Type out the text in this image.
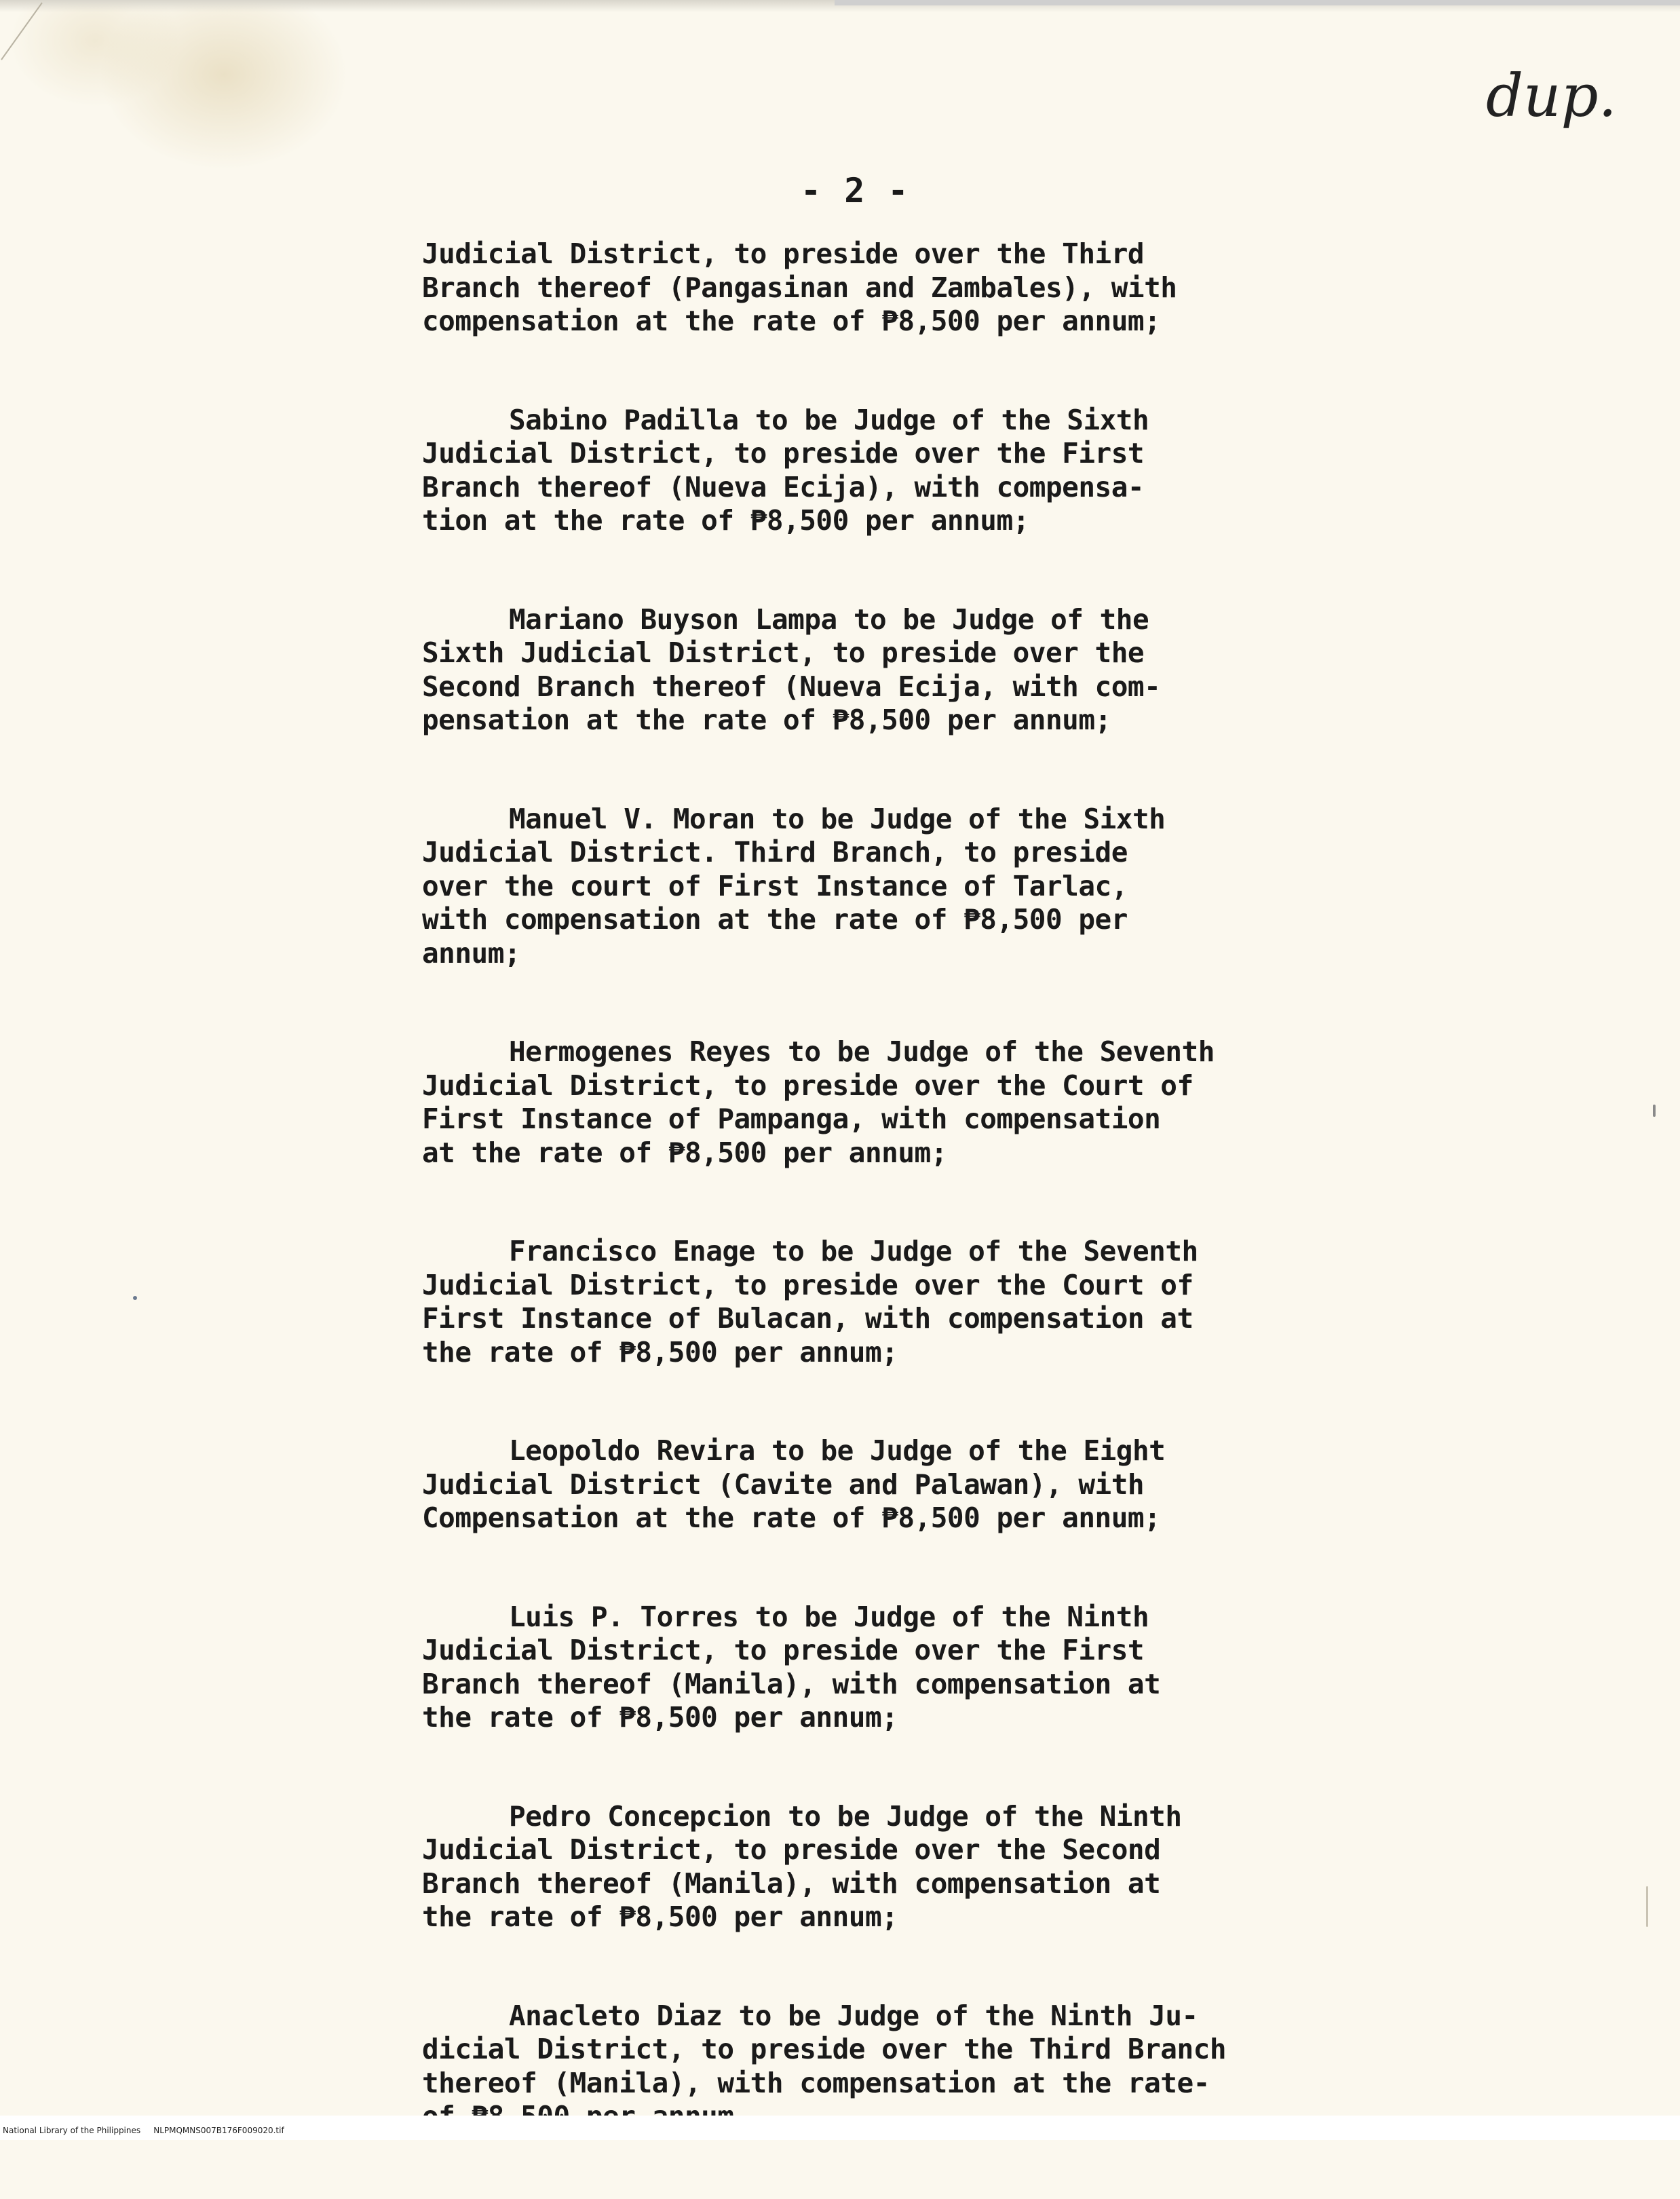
- 2 -
dup.
Judicial District, to preside over the Third
Branch thereof (Pangasinan and Zambales), with
compensation at the rate of ₱8,500 per annum;
Sabino Padilla to be Judge of the Sixth
Judicial District, to preside over the First
Branch thereof (Nueva Ecija), with compensa-
tion at the rate of ₱8,500 per annum;
Mariano Buyson Lampa to be Judge of the
Sixth Judicial District, to preside over the
Second Branch thereof (Nueva Ecija, with com-
pensation at the rate of ₱8,500 per annum;
Manuel V. Moran to be Judge of the Sixth
Judicial District. Third Branch, to preside
over the court of First Instance of Tarlac,
with compensation at the rate of ₱8,500 per
annum;
Hermogenes Reyes to be Judge of the Seventh
Judicial District, to preside over the Court of
First Instance of Pampanga, with compensation
at the rate of ₱8,500 per annum;
Francisco Enage to be Judge of the Seventh
Judicial District, to preside over the Court of
First Instance of Bulacan, with compensation at
the rate of ₱8,500 per annum;
Leopoldo Revira to be Judge of the Eight
Judicial District (Cavite and Palawan), with
Compensation at the rate of ₱8,500 per annum;
Luis P. Torres to be Judge of the Ninth
Judicial District, to preside over the First
Branch thereof (Manila), with compensation at
the rate of ₱8,500 per annum;
Pedro Concepcion to be Judge of the Ninth
Judicial District, to preside over the Second
Branch thereof (Manila), with compensation at
the rate of ₱8,500 per annum;
Anacleto Diaz to be Judge of the Ninth Ju-
dicial District, to preside over the Third Branch
thereof (Manila), with compensation at the rate-
National Library of the Philippines NLPMQMNS007B176F009020.tif
